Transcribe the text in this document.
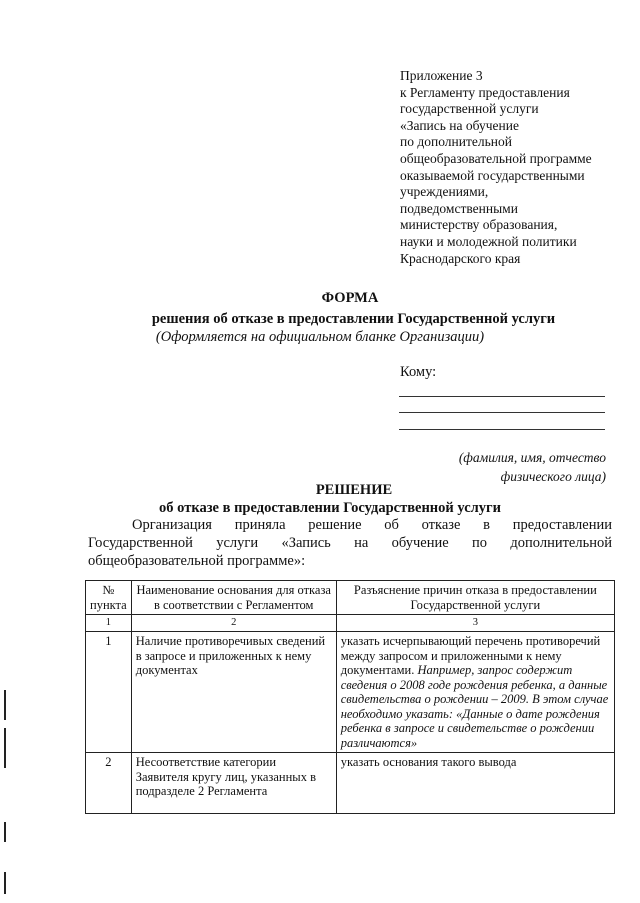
Приложение 3
к Регламенту предоставления
государственной услуги
«Запись на обучение
по дополнительной
общеобразовательной программе
оказываемой государственными
учреждениями,
подведомственными
министерству образования,
науки и молодежной политики
Краснодарского края
ФОРМА
решения об отказе в предоставлении Государственной услуги
(Оформляется на официальном бланке Организации)
Кому:
(фамилия, имя, отчество
физического лица)
РЕШЕНИЕ
об отказе в предоставлении Государственной услуги
Организация приняла решение об отказе в предоставлении
Государственной услуги «Запись на обучение по дополнительной
общеобразовательной программе»:
№ пункта	Наименование основания для отказа в соответствии с Регламентом	Разъяснение причин отказа в предоставлении Государственной услуги
1	2	3
1	Наличие противоречивых сведений в запросе и приложенных к нему документах	указать исчерпывающий перечень противоречий между запросом и приложенными к нему документами. Например, запрос содержит сведения о 2008 годе рождения ребенка, а данные свидетельства о рождении – 2009. В этом случае необходимо указать: «Данные о дате рождения ребенка в запросе и свидетельстве о рождении различаются»
2	Несоответствие категории Заявителя кругу лиц, указанных в подразделе 2 Регламента	указать основания такого вывода
